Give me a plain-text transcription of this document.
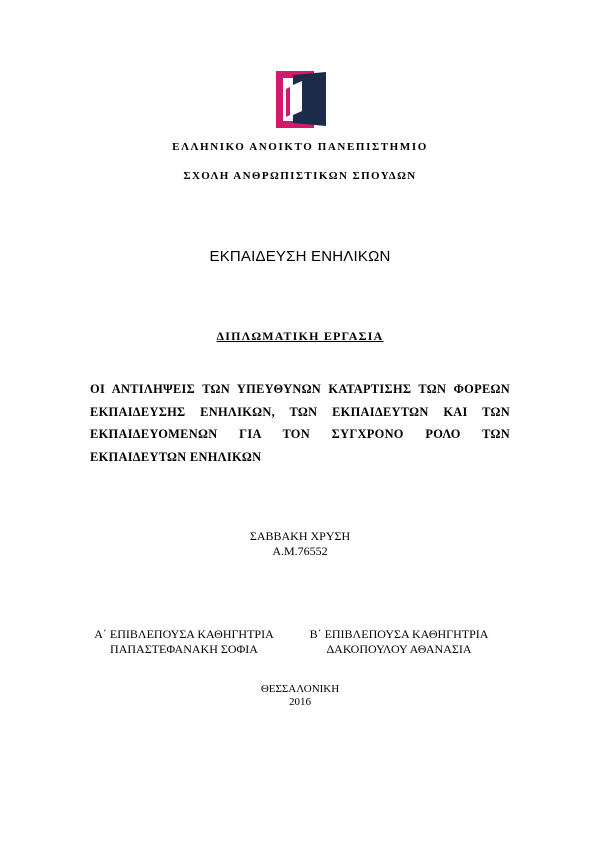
ΕΛΛΗΝΙΚΟ ΑΝΟΙΚΤΟ ΠΑΝΕΠΙΣΤΗΜΙΟ
ΣΧΟΛΗ ΑΝΘΡΩΠΙΣΤΙΚΩΝ ΣΠΟΥΔΩΝ
ΕΚΠΑΙΔΕΥΣΗ ΕΝΗΛΙΚΩΝ
ΔΙΠΛΩΜΑΤΙΚΗ ΕΡΓΑΣΙΑ
ΟΙ ΑΝΤΙΛΗΨΕΙΣ ΤΩΝ ΥΠΕΥΘΥΝΩΝ ΚΑΤΑΡΤΙΣΗΣ ΤΩΝ ΦΟΡΕΩΝ ΕΚΠΑΙΔΕΥΣΗΣ ΕΝΗΛΙΚΩΝ, ΤΩΝ ΕΚΠΑΙΔΕΥΤΩΝ ΚΑΙ ΤΩΝ ΕΚΠΑΙΔΕΥΟΜΕΝΩΝ ΓΙΑ ΤΟΝ ΣΥΓΧΡΟΝΟ ΡΟΛΟ ΤΩΝ ΕΚΠΑΙΔΕΥΤΩΝ ΕΝΗΛΙΚΩΝ
ΣΑΒΒΑΚΗ ΧΡΥΣΗ
Α.Μ.76552
Α΄ ΕΠΙΒΛΕΠΟΥΣΑ ΚΑΘΗΓΗΤΡΙΑ
ΠΑΠΑΣΤΕΦΑΝΑΚΗ ΣΟΦΙΑ
Β΄ ΕΠΙΒΛΕΠΟΥΣΑ ΚΑΘΗΓΗΤΡΙΑ
ΔΑΚΟΠΟΥΛΟΥ ΑΘΑΝΑΣΙΑ
ΘΕΣΣΑΛΟΝΙΚΗ
2016
